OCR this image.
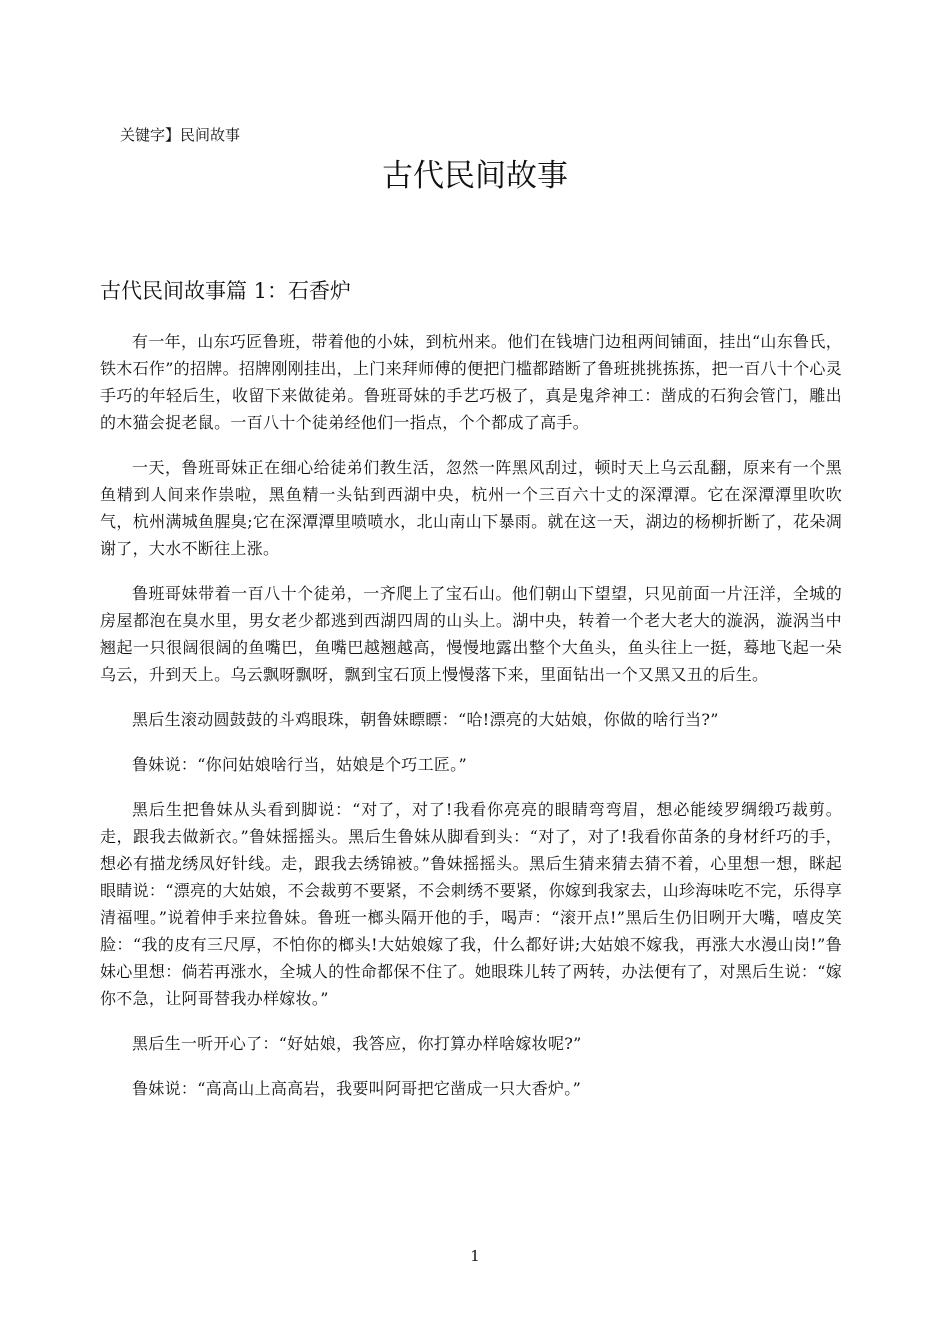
关键字】民间故事
古代民间故事
古代民间故事篇 1：石香炉

有一年，山东巧匠鲁班，带着他的小妹，到杭州来。他们在钱塘门边租两间铺面，挂出“山东鲁氏，铁木石作”的招牌。招牌刚刚挂出，上门来拜师傅的便把门槛都踏断了鲁班挑挑拣拣，把一百八十个心灵手巧的年轻后生，收留下来做徒弟。鲁班哥妹的手艺巧极了，真是鬼斧神工：凿成的石狗会管门，雕出的木猫会捉老鼠。一百八十个徒弟经他们一指点，个个都成了高手。

一天，鲁班哥妹正在细心给徒弟们教生活，忽然一阵黑风刮过，顿时天上乌云乱翻，原来有一个黑鱼精到人间来作祟啦，黑鱼精一头钻到西湖中央，杭州一个三百六十丈的深潭潭。它在深潭潭里吹吹气，杭州满城鱼腥臭;它在深潭潭里喷喷水，北山南山下暴雨。就在这一天，湖边的杨柳折断了，花朵凋谢了，大水不断往上涨。

鲁班哥妹带着一百八十个徒弟，一齐爬上了宝石山。他们朝山下望望，只见前面一片汪洋，全城的房屋都泡在臭水里，男女老少都逃到西湖四周的山头上。湖中央，转着一个老大老大的漩涡，漩涡当中翘起一只很阔很阔的鱼嘴巴，鱼嘴巴越翘越高，慢慢地露出整个大鱼头，鱼头往上一挺，蓦地飞起一朵乌云，升到天上。乌云飘呀飘呀，飘到宝石顶上慢慢落下来，里面钻出一个又黑又丑的后生。

黑后生滚动圆鼓鼓的斗鸡眼珠，朝鲁妹瞟瞟：“哈!漂亮的大姑娘，你做的啥行当?”

鲁妹说：“你问姑娘啥行当，姑娘是个巧工匠。”

黑后生把鲁妹从头看到脚说：“对了，对了!我看你亮亮的眼睛弯弯眉，想必能绫罗绸缎巧裁剪。走，跟我去做新衣。”鲁妹摇摇头。黑后生鲁妹从脚看到头：“对了，对了!我看你苗条的身材纤巧的手，想必有描龙绣凤好针线。走，跟我去绣锦被。”鲁妹摇摇头。黑后生猜来猜去猜不着，心里想一想，眯起眼睛说：“漂亮的大姑娘，不会裁剪不要紧，不会刺绣不要紧，你嫁到我家去，山珍海味吃不完，乐得享清福哩。”说着伸手来拉鲁妹。鲁班一榔头隔开他的手，喝声：“滚开点!”黑后生仍旧咧开大嘴，嘻皮笑脸：“我的皮有三尺厚，不怕你的榔头!大姑娘嫁了我，什么都好讲;大姑娘不嫁我，再涨大水漫山岗!”鲁妹心里想：倘若再涨水，全城人的性命都保不住了。她眼珠儿转了两转，办法便有了，对黑后生说：“嫁你不急，让阿哥替我办样嫁妆。”

黑后生一听开心了：“好姑娘，我答应，你打算办样啥嫁妆呢?”

鲁妹说：“高高山上高高岩，我要叫阿哥把它凿成一只大香炉。”

1
